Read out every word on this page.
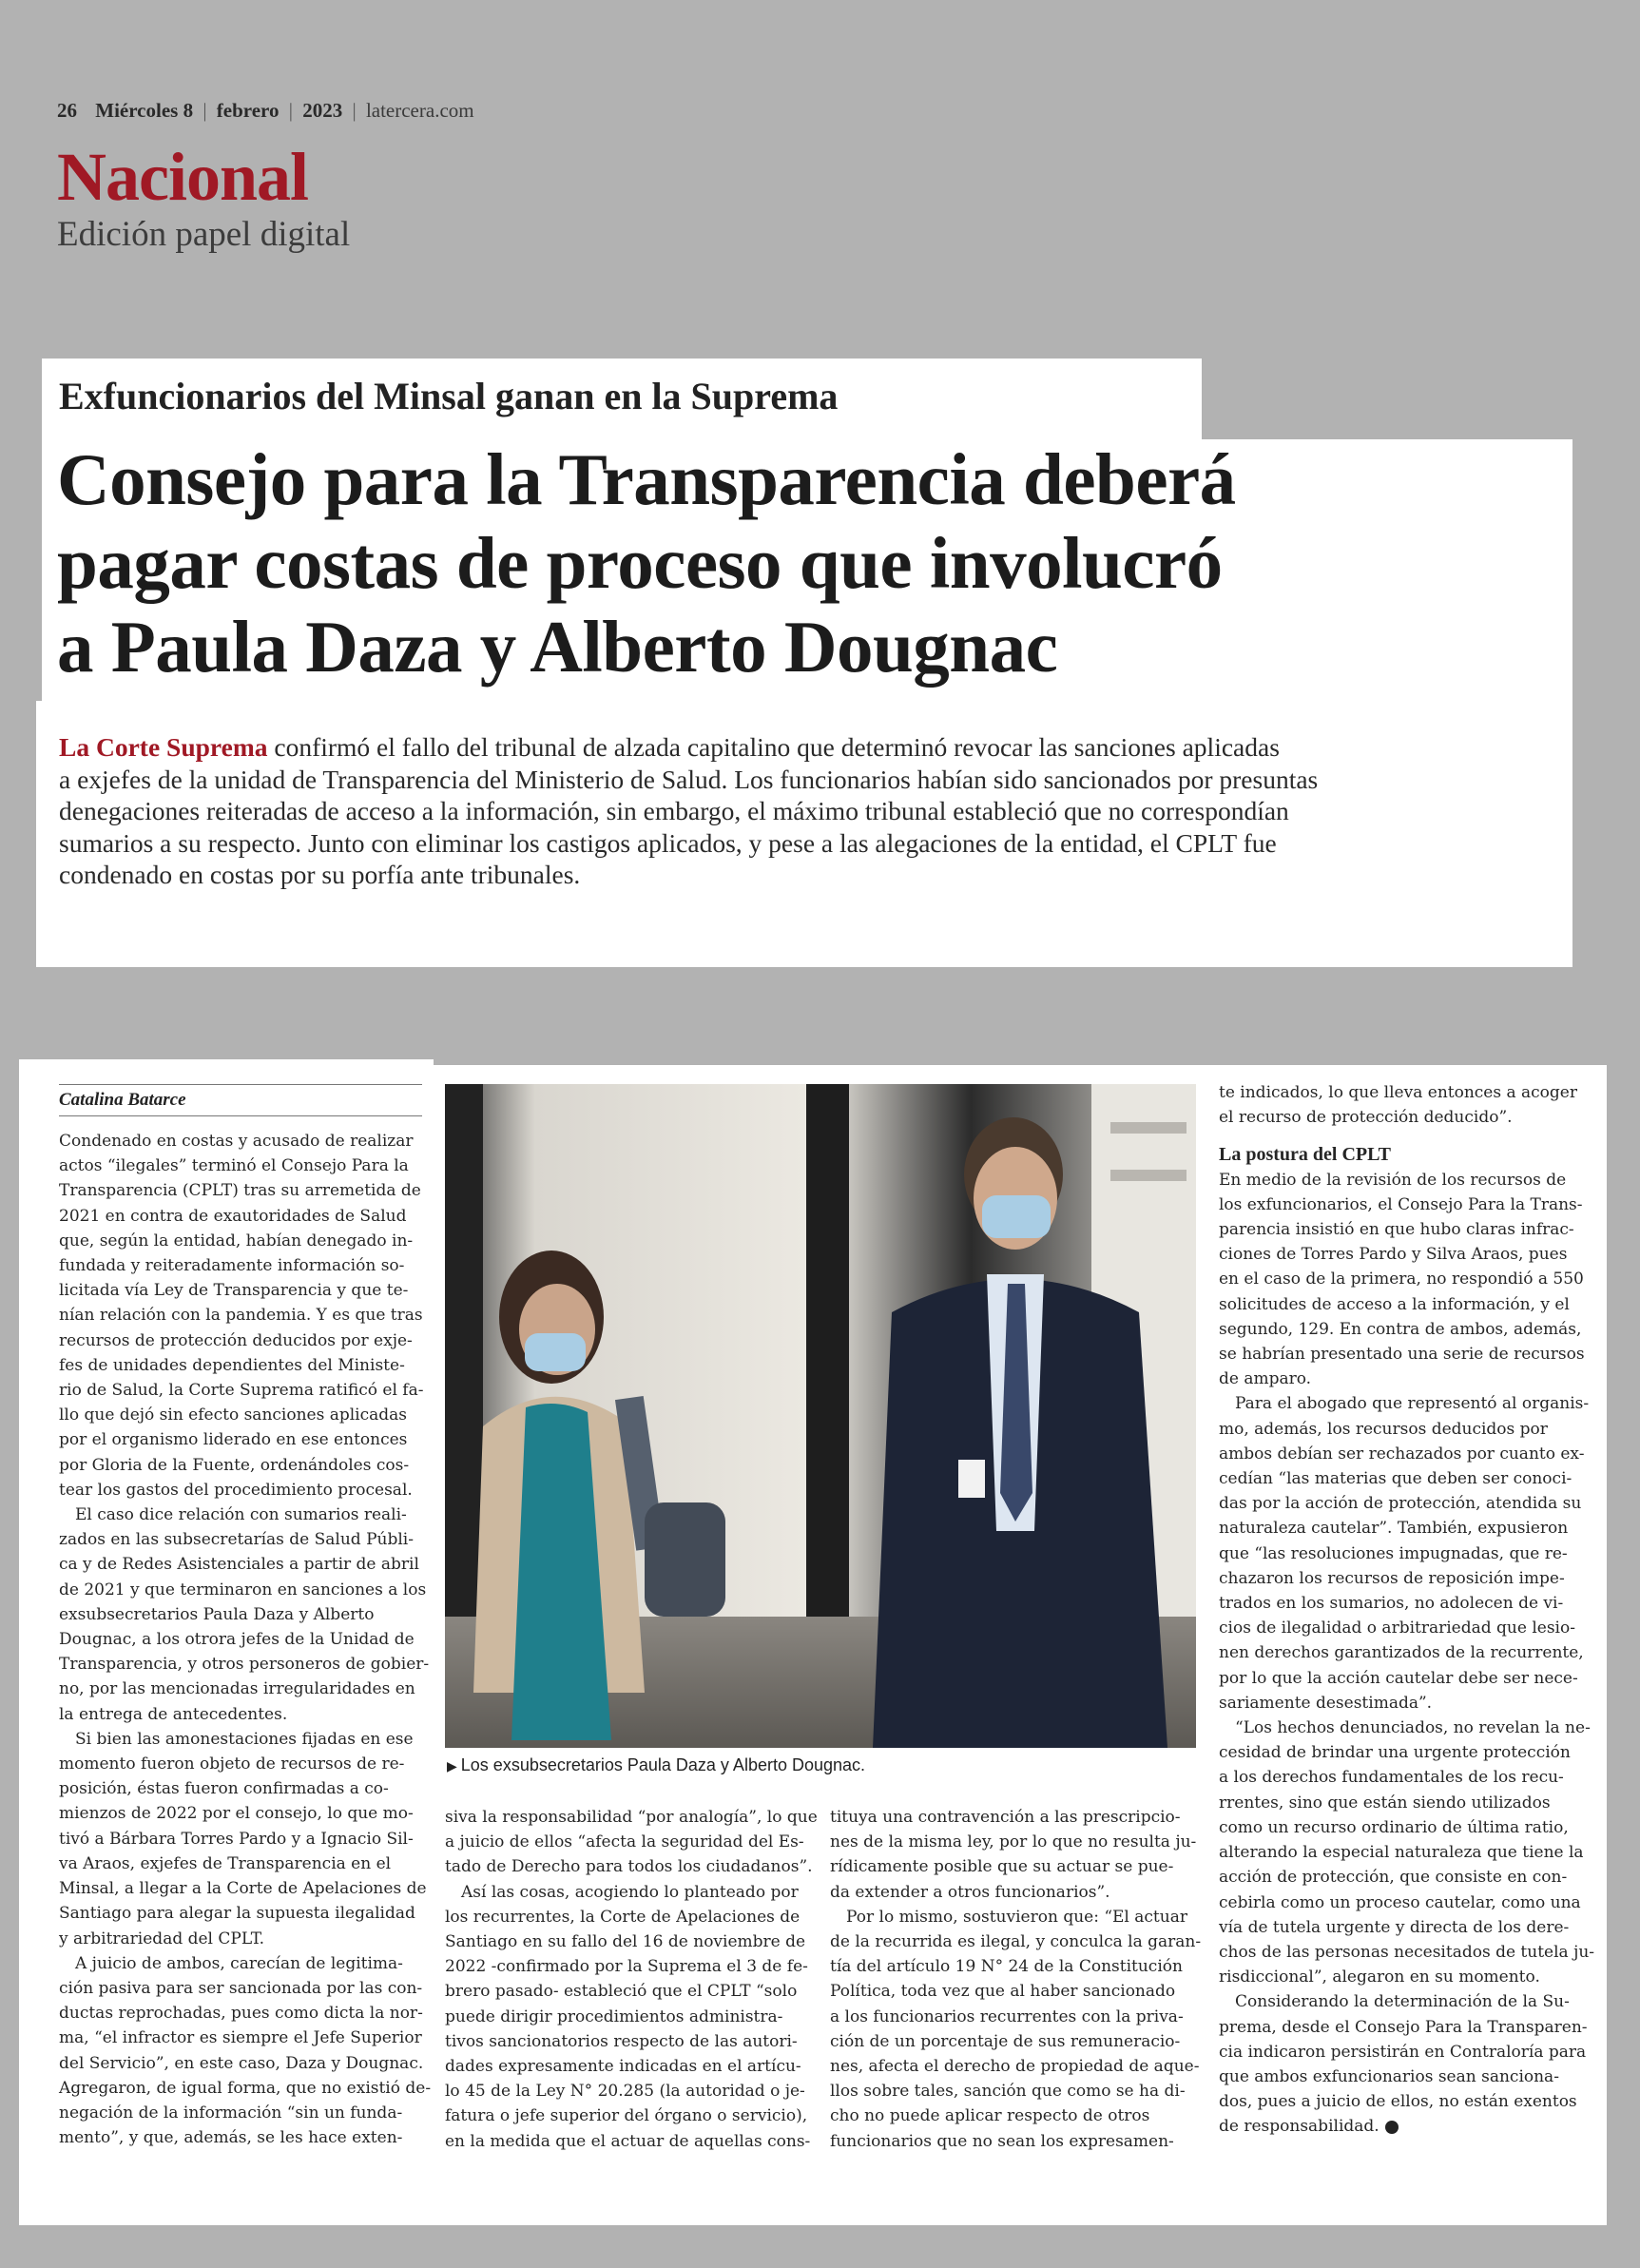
26 Miércoles 8 | febrero | 2023 | latercera.com
Nacional
Edición papel digital
Exfuncionarios del Minsal ganan en la Suprema
Consejo para la Transparencia deberá
pagar costas de proceso que involucró
a Paula Daza y Alberto Dougnac
La Corte Suprema confirmó el fallo del tribunal de alzada capitalino que determinó revocar las sanciones aplicadas
a exjefes de la unidad de Transparencia del Ministerio de Salud. Los funcionarios habían sido sancionados por presuntas
denegaciones reiteradas de acceso a la información, sin embargo, el máximo tribunal estableció que no correspondían
sumarios a su respecto. Junto con eliminar los castigos aplicados, y pese a las alegaciones de la entidad, el CPLT fue
condenado en costas por su porfía ante tribunales.
Catalina Batarce
Condenado en costas y acusado de realizar
actos “ilegales” terminó el Consejo Para la
Transparencia (CPLT) tras su arremetida de
2021 en contra de exautoridades de Salud
que, según la entidad, habían denegado in-
fundada y reiteradamente información so-
licitada vía Ley de Transparencia y que te-
nían relación con la pandemia. Y es que tras
recursos de protección deducidos por exje-
fes de unidades dependientes del Ministe-
rio de Salud, la Corte Suprema ratificó el fa-
llo que dejó sin efecto sanciones aplicadas
por el organismo liderado en ese entonces
por Gloria de la Fuente, ordenándoles cos-
tear los gastos del procedimiento procesal.
 El caso dice relación con sumarios reali-
zados en las subsecretarías de Salud Públi-
ca y de Redes Asistenciales a partir de abril
de 2021 y que terminaron en sanciones a los
exsubsecretarios Paula Daza y Alberto
Dougnac, a los otrora jefes de la Unidad de
Transparencia, y otros personeros de gobier-
no, por las mencionadas irregularidades en
la entrega de antecedentes.
 Si bien las amonestaciones fijadas en ese
momento fueron objeto de recursos de re-
posición, éstas fueron confirmadas a co-
mienzos de 2022 por el consejo, lo que mo-
tivó a Bárbara Torres Pardo y a Ignacio Sil-
va Araos, exjefes de Transparencia en el
Minsal, a llegar a la Corte de Apelaciones de
Santiago para alegar la supuesta ilegalidad
y arbitrariedad del CPLT.
 A juicio de ambos, carecían de legitima-
ción pasiva para ser sancionada por las con-
ductas reprochadas, pues como dicta la nor-
ma, “el infractor es siempre el Jefe Superior
del Servicio”, en este caso, Daza y Dougnac.
Agregaron, de igual forma, que no existió de-
negación de la información “sin un funda-
mento”, y que, además, se les hace exten-
▶ Los exsubsecretarios Paula Daza y Alberto Dougnac.
siva la responsabilidad “por analogía”, lo que
a juicio de ellos “afecta la seguridad del Es-
tado de Derecho para todos los ciudadanos”.
 Así las cosas, acogiendo lo planteado por
los recurrentes, la Corte de Apelaciones de
Santiago en su fallo del 16 de noviembre de
2022 -confirmado por la Suprema el 3 de fe-
brero pasado- estableció que el CPLT “solo
puede dirigir procedimientos administra-
tivos sancionatorios respecto de las autori-
dades expresamente indicadas en el artícu-
lo 45 de la Ley N° 20.285 (la autoridad o je-
fatura o jefe superior del órgano o servicio),
en la medida que el actuar de aquellas cons-
tituya una contravención a las prescripcio-
nes de la misma ley, por lo que no resulta ju-
rídicamente posible que su actuar se pue-
da extender a otros funcionarios”.
 Por lo mismo, sostuvieron que: “El actuar
de la recurrida es ilegal, y conculca la garan-
tía del artículo 19 N° 24 de la Constitución
Política, toda vez que al haber sancionado
a los funcionarios recurrentes con la priva-
ción de un porcentaje de sus remuneracio-
nes, afecta el derecho de propiedad de aque-
llos sobre tales, sanción que como se ha di-
cho no puede aplicar respecto de otros
funcionarios que no sean los expresamen-
te indicados, lo que lleva entonces a acoger
el recurso de protección deducido”.
La postura del CPLT
En medio de la revisión de los recursos de
los exfuncionarios, el Consejo Para la Trans-
parencia insistió en que hubo claras infrac-
ciones de Torres Pardo y Silva Araos, pues
en el caso de la primera, no respondió a 550
solicitudes de acceso a la información, y el
segundo, 129. En contra de ambos, además,
se habrían presentado una serie de recursos
de amparo.
 Para el abogado que representó al organis-
mo, además, los recursos deducidos por
ambos debían ser rechazados por cuanto ex-
cedían “las materias que deben ser conoci-
das por la acción de protección, atendida su
naturaleza cautelar”. También, expusieron
que “las resoluciones impugnadas, que re-
chazaron los recursos de reposición impe-
trados en los sumarios, no adolecen de vi-
cios de ilegalidad o arbitrariedad que lesio-
nen derechos garantizados de la recurrente,
por lo que la acción cautelar debe ser nece-
sariamente desestimada”.
 “Los hechos denunciados, no revelan la ne-
cesidad de brindar una urgente protección
a los derechos fundamentales de los recu-
rrentes, sino que están siendo utilizados
como un recurso ordinario de última ratio,
alterando la especial naturaleza que tiene la
acción de protección, que consiste en con-
cebirla como un proceso cautelar, como una
vía de tutela urgente y directa de los dere-
chos de las personas necesitados de tutela ju-
risdiccional”, alegaron en su momento.
 Considerando la determinación de la Su-
prema, desde el Consejo Para la Transparen-
cia indicaron persistirán en Contraloría para
que ambos exfuncionarios sean sanciona-
dos, pues a juicio de ellos, no están exentos
de responsabilidad.
